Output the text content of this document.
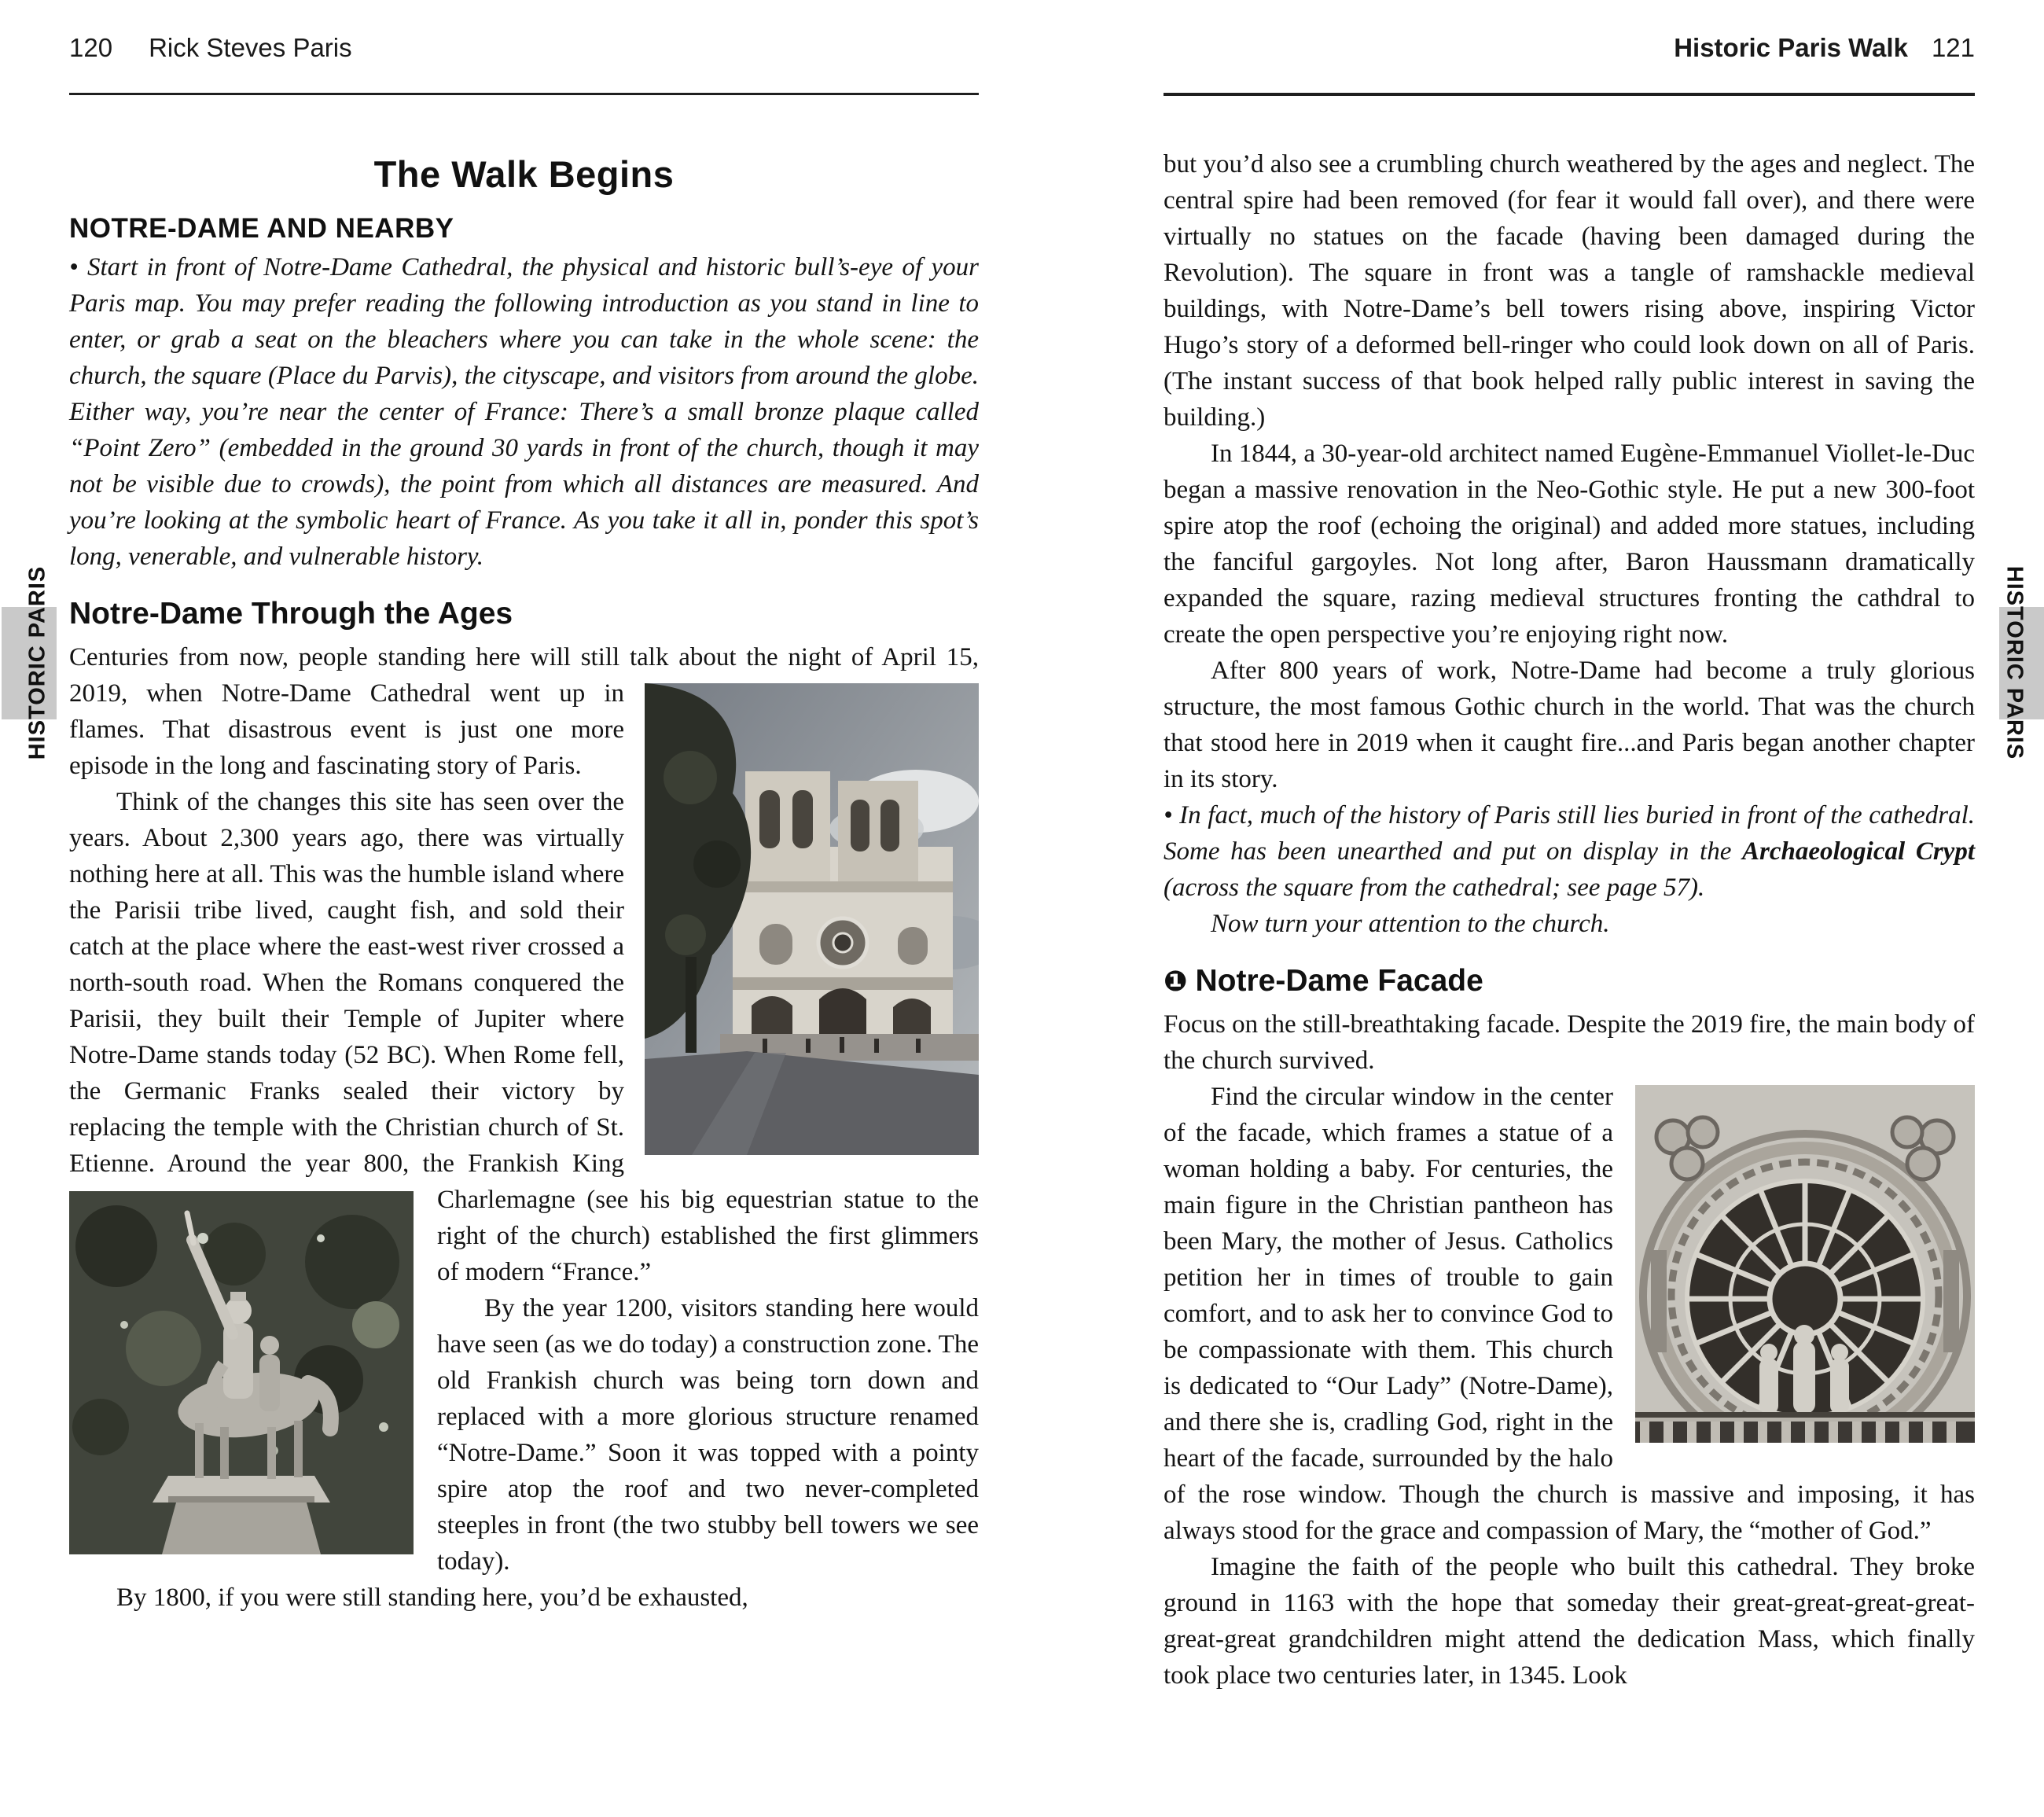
120 Rick Steves Paris	Historic Paris Walk 121
HISTORIC PARIS	HISTORIC PARIS
The Walk Begins
NOTRE-DAME AND NEARBY

• Start in front of Notre-Dame Cathedral, the physical and historic bull’s-eye of your Paris map. You may prefer reading the following introduction as you stand in line to enter, or grab a seat on the bleachers where you can take in the whole scene: the church, the square (Place du Parvis), the cityscape, and visitors from around the globe. Either way, you’re near the center of France: There’s a small bronze plaque called “Point Zero” (embedded in the ground 30 yards in front of the church, though it may not be visible due to crowds), the point from which all distances are measured. And you’re looking at the symbolic heart of France. As you take it all in, ponder this spot’s long, venerable, and vulnerable history.

Notre-Dame Through the Ages

Centuries from now, people standing here will still talk about the night of April 15, 2019, when Notre-Dame Cathedral went up in
flames. That disastrous event is just one more episode in the long and fascinating story of Paris.

Think of the changes this site has seen over the years. About 2,300 years ago, there was virtually nothing here at all. This was the humble island where the Parisii tribe lived, caught fish, and sold their catch at the place where the east-west river crossed a north-south road. When the Romans conquered the Parisii, they built their Temple of Jupiter where Notre-Dame stands today (52 BC). When Rome fell, the Germanic Franks sealed their victory by replacing the temple with the Christian church of St. Etienne. Around the year 800, the Frankish King Charlemagne (see his big equestrian statue to the
right of the church) established the first glimmers of modern “France.”

By the year 1200, visitors standing here would have seen (as we do today) a construction zone. The old Frankish church was being torn down and replaced with a more glorious structure renamed “Notre-Dame.” Soon it was topped with a pointy spire atop the roof and two never-completed steeples in front (the two stubby bell towers we see today).

By 1800, if you were still standing here, you’d be exhausted,

but you’d also see a crumbling church weathered by the ages and neglect. The central spire had been removed (for fear it would fall over), and there were virtually no statues on the facade (having been damaged during the Revolution). The square in front was a tangle of ramshackle medieval buildings, with Notre-Dame’s bell towers rising above, inspiring Victor Hugo’s story of a deformed bell-ringer who could look down on all of Paris. (The instant success of that book helped rally public interest in saving the building.)

In 1844, a 30-year-old architect named Eugène-Emmanuel Viollet-le-Duc began a massive renovation in the Neo-Gothic style. He put a new 300-foot spire atop the roof (echoing the original) and added more statues, including the fanciful gargoyles. Not long after, Baron Haussmann dramatically expanded the square, razing medieval structures fronting the cathdral to create the open perspective you’re enjoying right now.

After 800 years of work, Notre-Dame had become a truly glorious structure, the most famous Gothic church in the world. That was the church that stood here in 2019 when it caught fire...and Paris began another chapter in its story.

• In fact, much of the history of Paris still lies buried in front of the cathedral. Some has been unearthed and put on display in the Archaeological Crypt (across the square from the cathedral; see page 57).

Now turn your attention to the church.

❶ Notre-Dame Facade

Focus on the still-breathtaking facade. Despite the 2019 fire, the main body of the church survived.

Find the circular window in the
center of the facade, which frames a statue of a woman holding a baby. For centuries, the main figure in the Christian pantheon has been Mary, the mother of Jesus. Catholics petition her in times of trouble to gain comfort, and to ask her to convince God to be compassionate with them. This church is dedicated to “Our Lady” (Notre-Dame), and there she is, cradling God, right in the heart of the facade, surrounded by the halo of the rose window. Though the church is massive and imposing, it has always stood for the grace and compassion of Mary, the “mother of God.”

Imagine the faith of the people who built this cathedral. They broke ground in 1163 with the hope that someday their great-great-great-great-great-great grandchildren might attend the dedication Mass, which finally took place two centuries later, in 1345. Look
